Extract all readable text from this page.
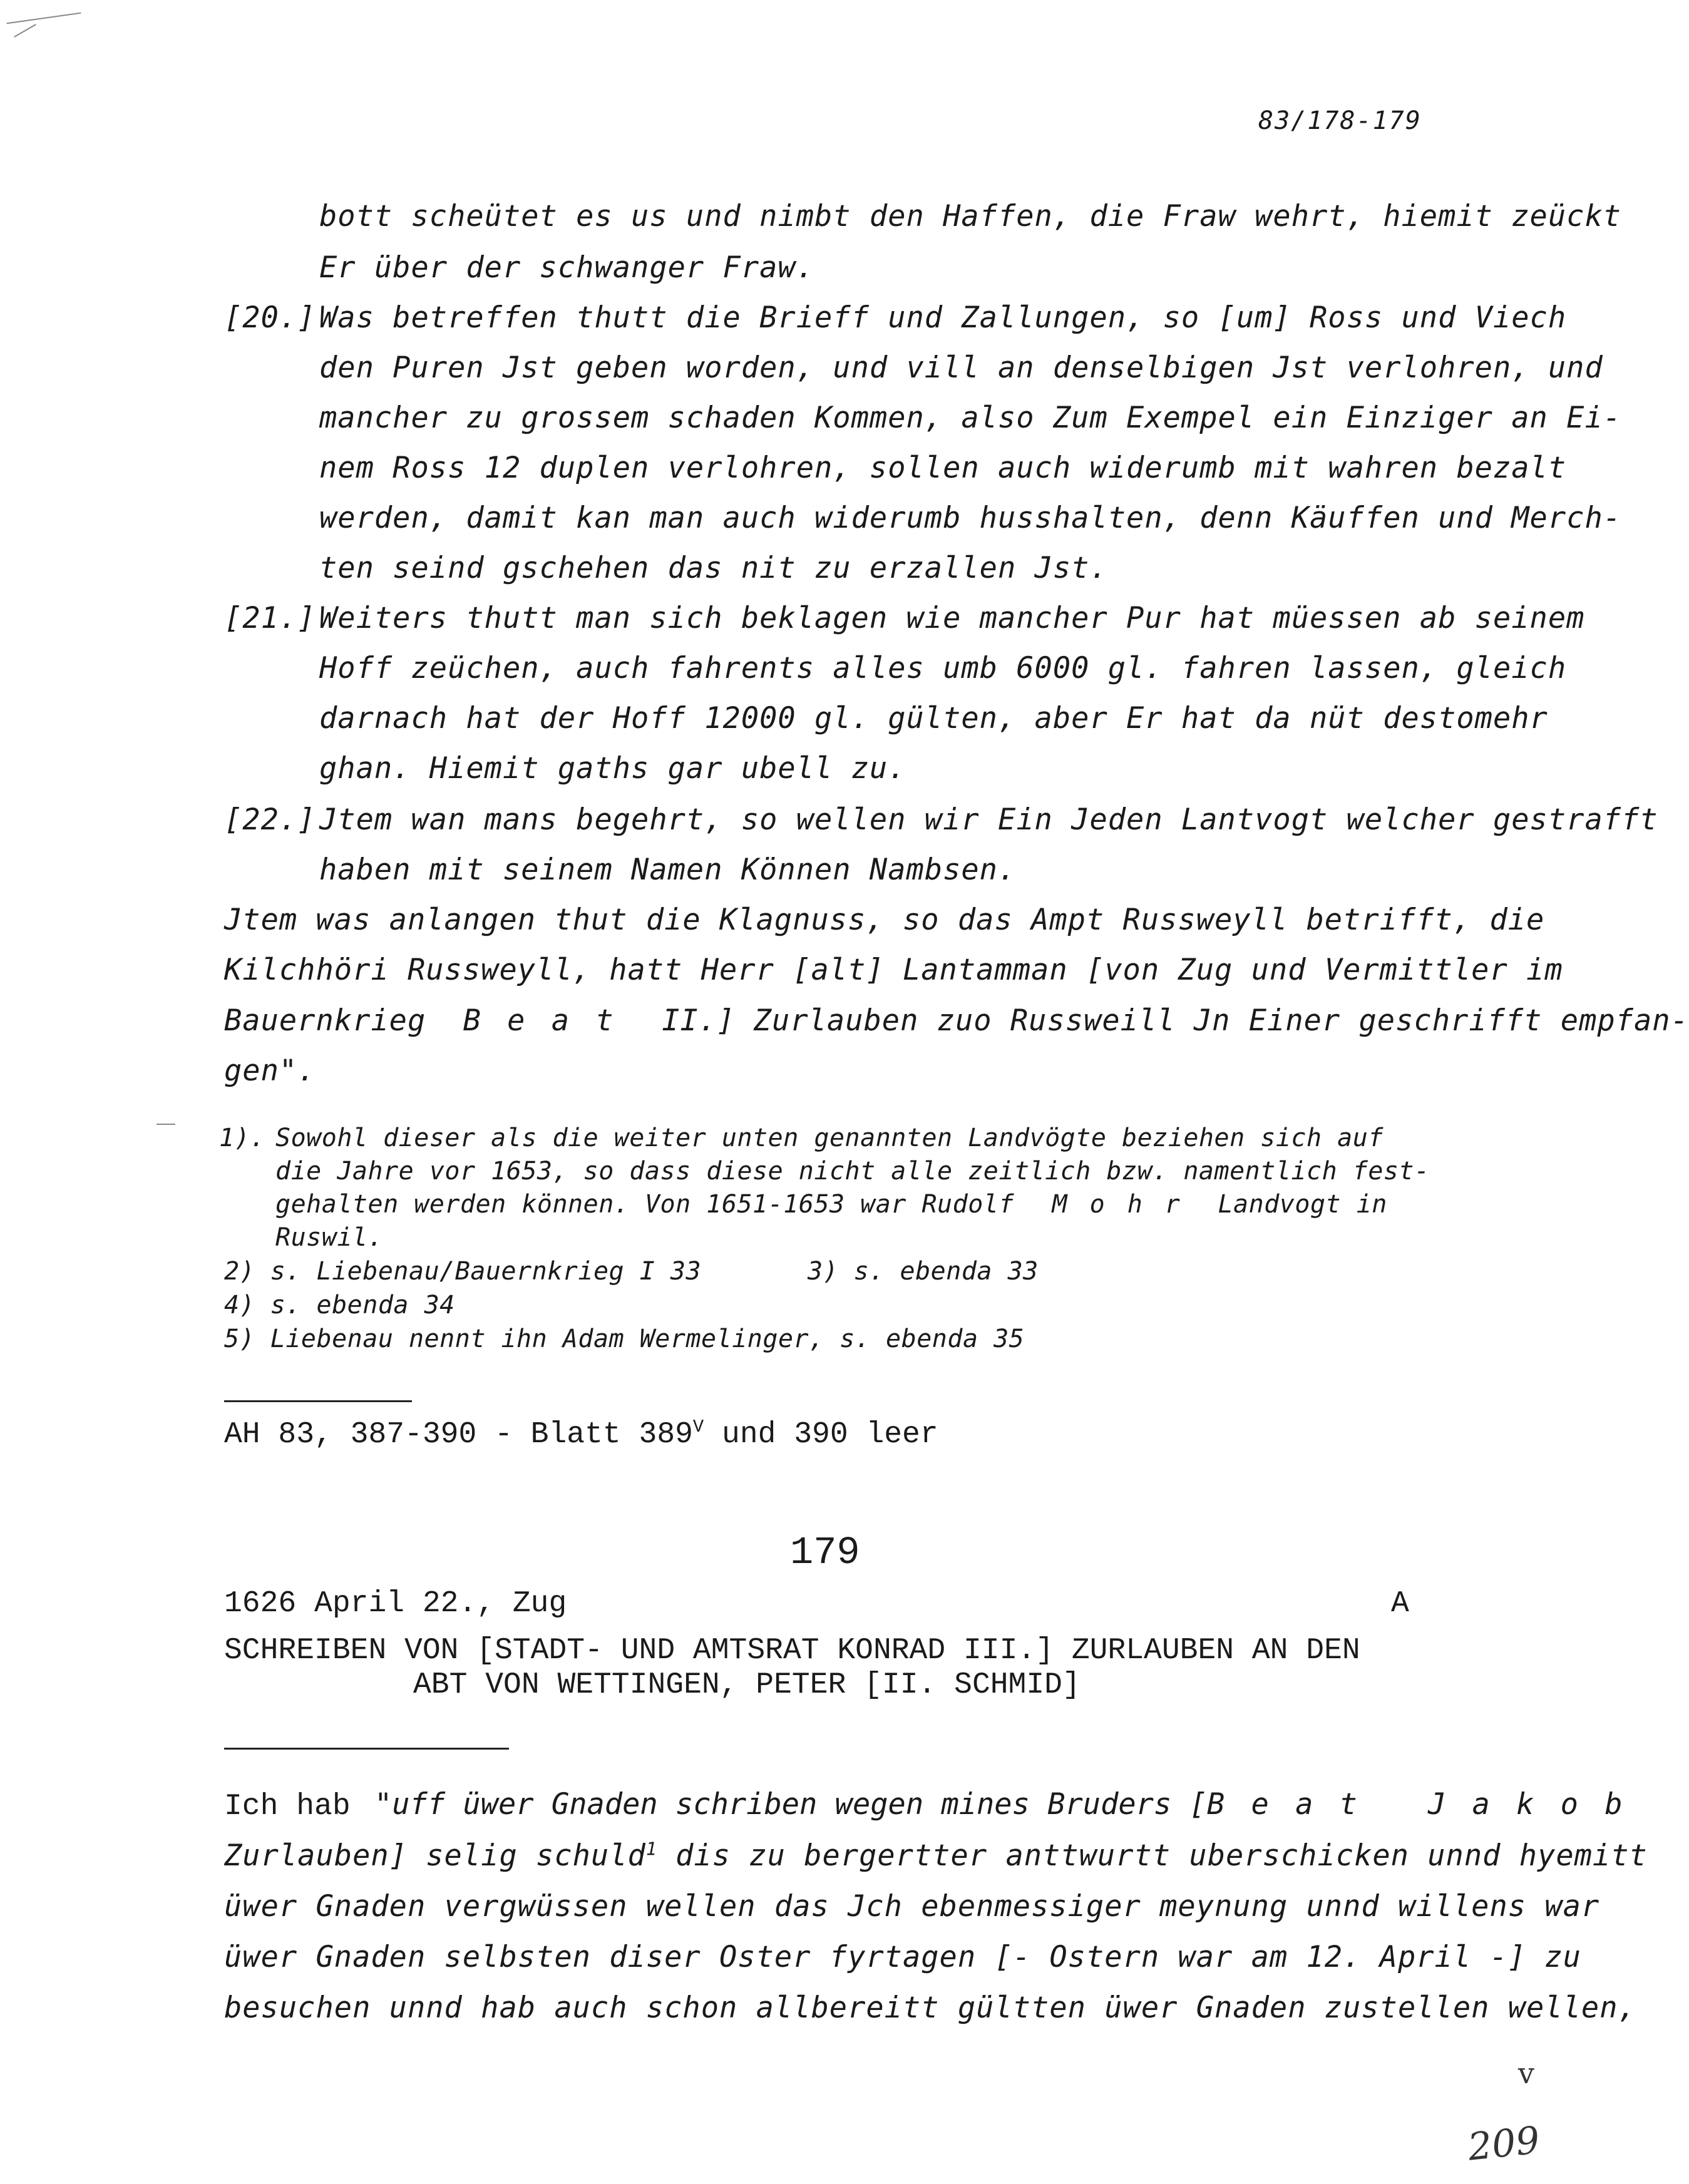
83/178-179
bott scheütet es us und nimbt den Haffen, die Fraw wehrt, hiemit zeückt
Er über der schwanger Fraw.
[20.] Was betreffen thutt die Brieff und Zallungen, so [um] Ross und Viech
den Puren Jst geben worden, und vill an denselbigen Jst verlohren, und
mancher zu grossem schaden Kommen, also Zum Exempel ein Einziger an Ei-
nem Ross 12 duplen verlohren, sollen auch widerumb mit wahren bezalt
werden, damit kan man auch widerumb husshalten, denn Käuffen und Merch-
ten seind gschehen das nit zu erzallen Jst.
[21.] Weiters thutt man sich beklagen wie mancher Pur hat müessen ab seinem
Hoff zeüchen, auch fahrents alles umb 6000 gl. fahren lassen, gleich
darnach hat der Hoff 12000 gl. gülten, aber Er hat da nüt destomehr
ghan. Hiemit gaths gar ubell zu.
[22.] Jtem wan mans begehrt, so wellen wir Ein Jeden Lantvogt welcher gestrafft
haben mit seinem Namen Können Nambsen.
Jtem was anlangen thut die Klagnuss, so das Ampt Russweyll betrifft, die
Kilchhöri Russweyll, hatt Herr [alt] Lantamman [von Zug und Vermittler im
Bauernkrieg Beat II.] Zurlauben zuo Russweill Jn Einer geschrifft empfan-
gen".
1). Sowohl dieser als die weiter unten genannten Landvögte beziehen sich auf
die Jahre vor 1653, so dass diese nicht alle zeitlich bzw. namentlich fest-
gehalten werden können. Von 1651-1653 war Rudolf Mohr Landvogt in
Ruswil.
2) s. Liebenau/Bauernkrieg I 33	3) s. ebenda 33
4) s. ebenda 34
5) Liebenau nennt ihn Adam Wermelinger, s. ebenda 35
AH 83, 387-390 - Blatt $389^V$ und 390 leer
179
1626 April 22., Zug	A
SCHREIBEN VON [STADT- UND AMTSRAT KONRAD III.] ZURLAUBEN AN DEN
ABT VON WETTINGEN, PETER [II. SCHMID]
Ich hab "uff üwer Gnaden schriben wegen mines Bruders [Beat Jakob
Zurlauben] selig schuld$^1$ dis zu bergertter anttwurtt uberschicken unnd hyemitt
üwer Gnaden vergwüssen wellen das Jch ebenmessiger meynung unnd willens war
üwer Gnaden selbsten diser Oster fyrtagen [- Ostern war am 12. April -] zu
besuchen unnd hab auch schon allbereitt gültten üwer Gnaden zustellen wellen,
v
209
